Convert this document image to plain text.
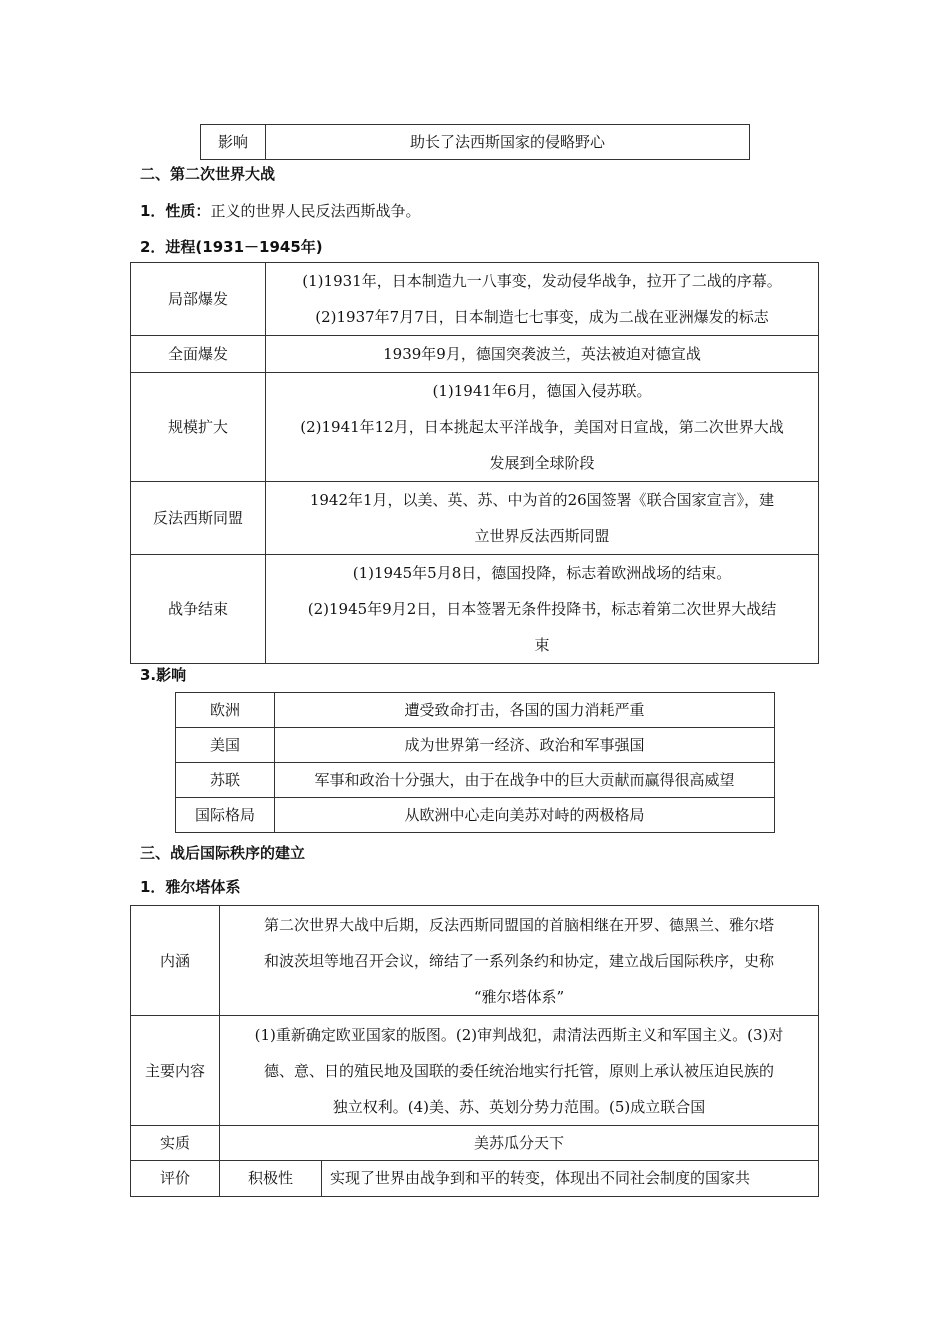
影响	助长了法西斯国家的侵略野心
二、第二次世界大战
1．性质：正义的世界人民反法西斯战争。
2．进程(1931－1945年)
局部爆发	(1)1931年，日本制造九一八事变，发动侵华战争，拉开了二战的序幕。
(2)1937年7月7日，日本制造七七事变，成为二战在亚洲爆发的标志

全面爆发	1939年9月，德国突袭波兰，英法被迫对德宣战
规模扩大	(1)1941年6月，德国入侵苏联。
(2)1941年12月，日本挑起太平洋战争，美国对日宣战，第二次世界大战
发展到全球阶段

反法西斯同盟	1942年1月，以美、英、苏、中为首的26国签署《联合国家宣言》，建
立世界反法西斯同盟

战争结束	(1)1945年5月8日，德国投降，标志着欧洲战场的结束。
(2)1945年9月2日，日本签署无条件投降书，标志着第二次世界大战结
束
3.影响
欧洲	遭受致命打击，各国的国力消耗严重
美国	成为世界第一经济、政治和军事强国
苏联	军事和政治十分强大，由于在战争中的巨大贡献而赢得很高威望
国际格局	从欧洲中心走向美苏对峙的两极格局
三、战后国际秩序的建立
1．雅尔塔体系
内涵	第二次世界大战中后期，反法西斯同盟国的首脑相继在开罗、德黑兰、雅尔塔
和波茨坦等地召开会议，缔结了一系列条约和协定，建立战后国际秩序，史称
“雅尔塔体系”	

主要内容	(1)重新确定欧亚国家的版图。(2)审判战犯，肃清法西斯主义和军国主义。(3)对
德、意、日的殖民地及国联的委任统治地实行托管，原则上承认被压迫民族的
独立权利。(4)美、苏、英划分势力范围。(5)成立联合国	

实质	美苏瓜分天下	
评价	积极性	实现了世界由战争到和平的转变，体现出不同社会制度的国家共
